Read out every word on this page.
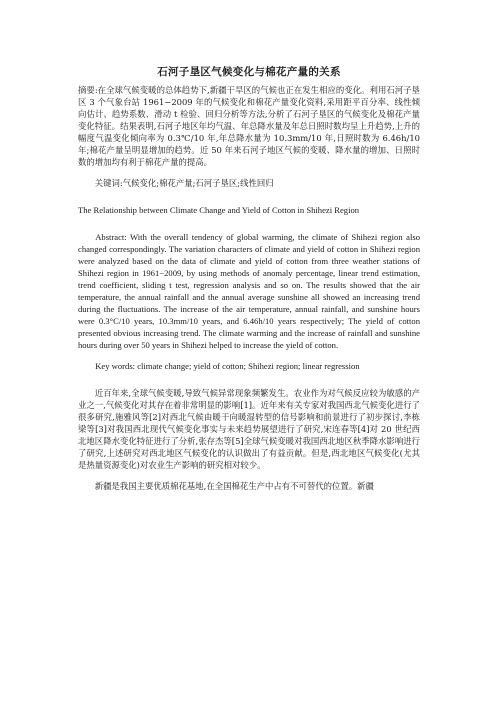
石河子垦区气候变化与棉花产量的关系

摘要:在全球气候变暖的总体趋势下,新疆干旱区的气候也正在发生相应的变化。利用石河子垦区 3 个气象台站 1961−2009 年的气候变化和棉花产量变化资料,采用距平百分率、线性倾向估计、趋势系数、滑动 t 检验、回归分析等方法,分析了石河子垦区的气候变化及棉花产量变化特征。结果表明,石河子地区年均气温、年总降水量及年总日照时数均呈上升趋势,上升的幅度气温变化倾向率为 0.3℃/10 年,年总降水量为 10.3mm/10 年,日照时数为 6.46h/10 年;棉花产量呈明显增加的趋势。近 50 年来石河子地区气候的变暖、降水量的增加、日照时数的增加均有利于棉花产量的提高。

关键词:气候变化;棉花产量;石河子垦区;线性回归

The Relationship between Climate Change and Yield of Cotton in Shihezi Region

Abstract: With the overall tendency of global warming, the climate of Shihezi region also changed correspondingly. The variation characters of climate and yield of cotton in Shihezi region were analyzed based on the data of climate and yield of cotton from three weather stations of Shihezi region in 1961−2009, by using methods of anomaly percentage, linear trend estimation, trend coefficient, sliding t test, regression analysis and so on. The results showed that the air temperature, the annual rainfall and the annual average sunshine all showed an increasing trend during the fluctuations. The increase of the air temperature, annual rainfall, and sunshine hours were 0.3°C/10 years, 10.3mm/10 years, and 6.46h/10 years respectively; The yield of cotton presented obvious increasing trend. The climate warming and the increase of rainfall and sunshine hours during over 50 years in Shihezi helped to increase the yield of cotton.

Key words: climate change; yield of cotton; Shihezi region; linear regression

近百年来,全球气候变暖,导致气候异常现象频繁发生。农业作为对气候反应较为敏感的产业之一,气候变化对其存在着非常明显的影响[1]。近年来有关专家对我国西北气候变化进行了很多研究,施雅风等[2]对西北气候由暖干向暖湿转型的信号影响和前景进行了初步探讨,李栋梁等[3]对我国西北现代气候变化事实与未来趋势展望进行了研究,宋连春等[4]对 20 世纪西北地区降水变化特征进行了分析,张存杰等[5]全球气候变暖对我国西北地区秋季降水影响进行了研究,上述研究对西北地区气候变化的认识做出了有益贡献。但是,西北地区气候变化(尤其是热量资源变化)对农业生产影响的研究相对较少。

新疆是我国主要优质棉花基地,在全国棉花生产中占有不可替代的位置。新疆
